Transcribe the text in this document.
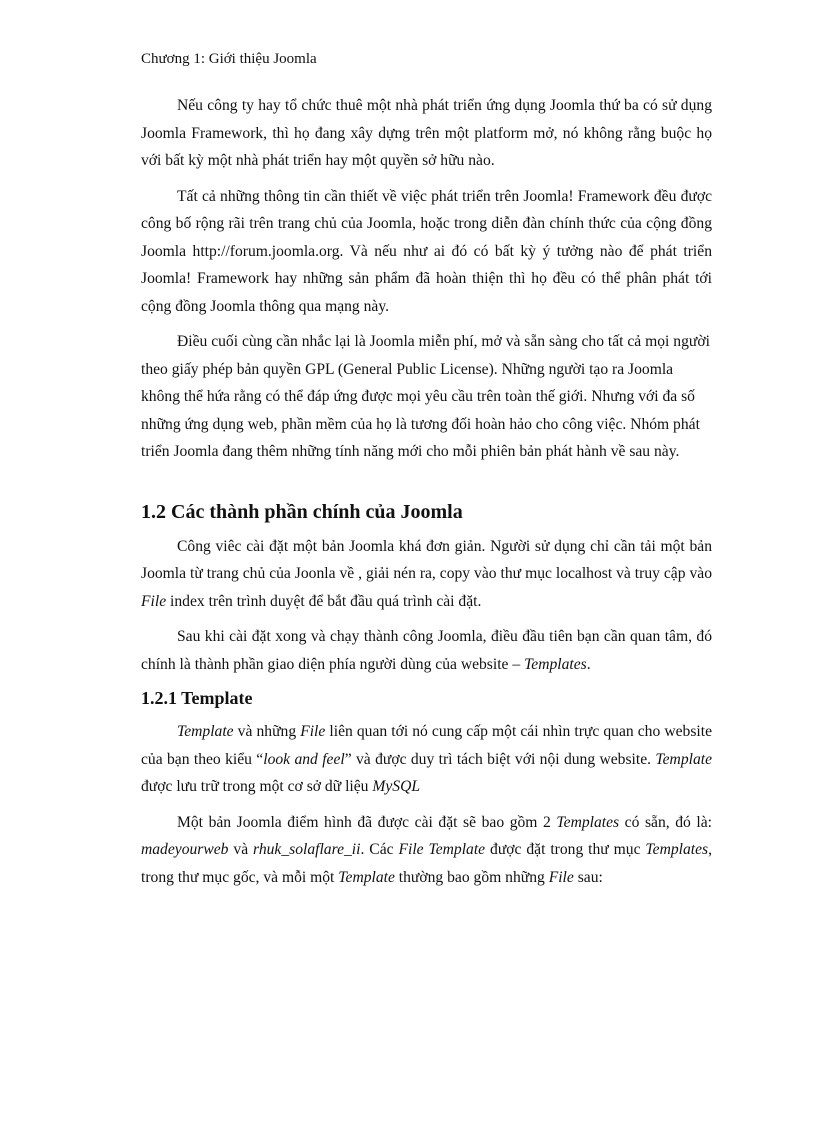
Chương 1: Giới thiệu Joomla

Nếu công ty hay tổ chức thuê một nhà phát triển ứng dụng Joomla thứ ba có sử dụng Joomla Framework, thì họ đang xây dựng trên một platform mở, nó không rằng buộc họ với bất kỳ một nhà phát triển hay một quyền sở hữu nào.

Tất cả những thông tin cần thiết về việc phát triển trên Joomla! Framework đều được công bố rộng rãi trên trang chủ của Joomla, hoặc trong diễn đàn chính thức của cộng đồng Joomla http://forum.joomla.org. Và nếu như ai đó có bất kỳ ý tưởng nào để phát triển Joomla! Framework hay những sản phẩm đã hoàn thiện thì họ đều có thể phân phát tới cộng đồng Joomla thông qua mạng này.

Điều cuối cùng cần nhắc lại là Joomla miễn phí, mở và sẵn sàng cho tất cả mọi người theo giấy phép bản quyền GPL (General Public License). Những người tạo ra Joomla không thể hứa rằng có thể đáp ứng được mọi yêu cầu trên toàn thế giới. Nhưng với đa số những ứng dụng web, phần mềm của họ là tương đối hoàn hảo cho công việc. Nhóm phát triển Joomla đang thêm những tính năng mới cho mỗi phiên bản phát hành về sau này.

1.2 Các thành phần chính của Joomla

Công viêc cài đặt một bản Joomla khá đơn giản. Người sử dụng chỉ cần tải một bản Joomla từ trang chủ của Joonla về , giải nén ra, copy vào thư mục localhost và truy cập vào File index trên trình duyệt để bắt đầu quá trình cài đặt.

Sau khi cài đặt xong và chạy thành công Joomla, điều đầu tiên bạn cần quan tâm, đó chính là thành phần giao diện phía người dùng của website – Templates.

1.2.1 Template

Template và những File liên quan tới nó cung cấp một cái nhìn trực quan cho website của bạn theo kiểu “look and feel” và được duy trì tách biệt với nội dung website. Template được lưu trữ trong một cơ sở dữ liệu MySQL

Một bản Joomla điểm hình đã được cài đặt sẽ bao gồm 2 Templates có sẵn, đó là: madeyourweb và rhuk_solaflare_ii. Các File Template được đặt trong thư mục Templates, trong thư mục gốc, và mỗi một Template thường bao gồm những File sau:
